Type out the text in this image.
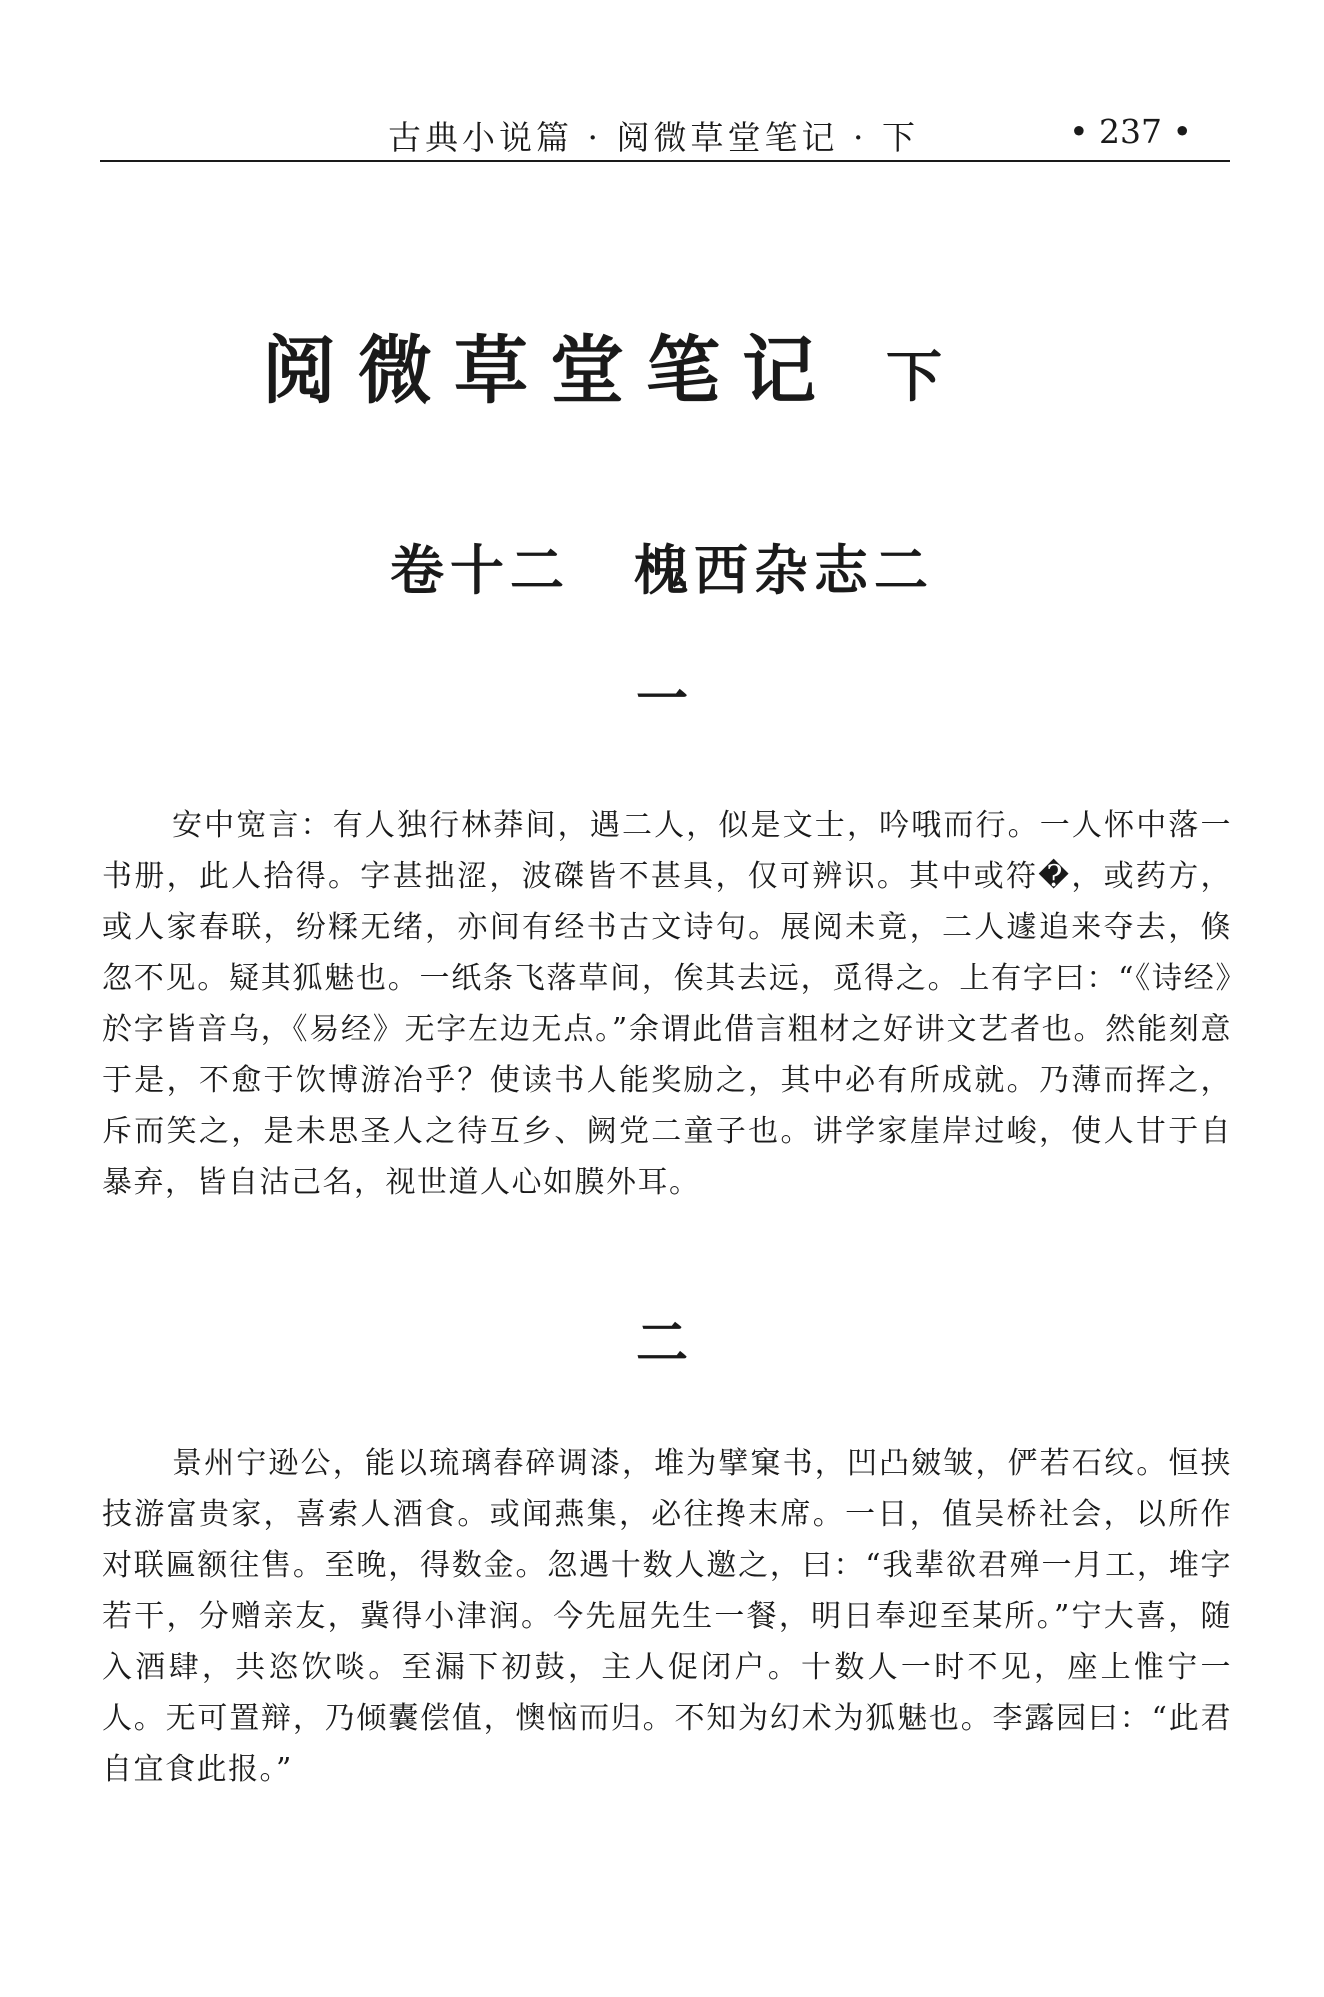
古典小说篇 · 阅微草堂笔记 · 下	• 237 •
阅微草堂笔记 下
卷十二 槐西杂志二
一

安中宽言：有人独行林莽间，遇二人，似是文士，吟哦而行。一人怀中落一书册，此人拾得。字甚拙涩，波磔皆不甚具，仅可辨识。其中或符�，或药方，或人家春联，纷糅无绪，亦间有经书古文诗句。展阅未竟，二人遽追来夺去，倏忽不见。疑其狐魅也。一纸条飞落草间，俟其去远，觅得之。上有字曰：“《诗经》於字皆音乌，《易经》无字左边无点。”余谓此借言粗材之好讲文艺者也。然能刻意于是，不愈于饮博游冶乎？使读书人能奖励之，其中必有所成就。乃薄而挥之，斥而笑之，是未思圣人之待互乡、阙党二童子也。讲学家崖岸过峻，使人甘于自暴弃，皆自沽己名，视世道人心如膜外耳。

二

景州宁逊公，能以琉璃舂碎调漆，堆为擘窠书，凹凸皴皱，俨若石纹。恒挟技游富贵家，喜索人酒食。或闻燕集，必往搀末席。一日，值吴桥社会，以所作对联匾额往售。至晚，得数金。忽遇十数人邀之，曰：“我辈欲君殚一月工，堆字若干，分赠亲友，冀得小津润。今先屈先生一餐，明日奉迎至某所。”宁大喜，随入酒肆，共恣饮啖。至漏下初鼓，主人促闭户。十数人一时不见，座上惟宁一人。无可置辩，乃倾囊偿值，懊恼而归。不知为幻术为狐魅也。李露园曰：“此君自宜食此报。”
